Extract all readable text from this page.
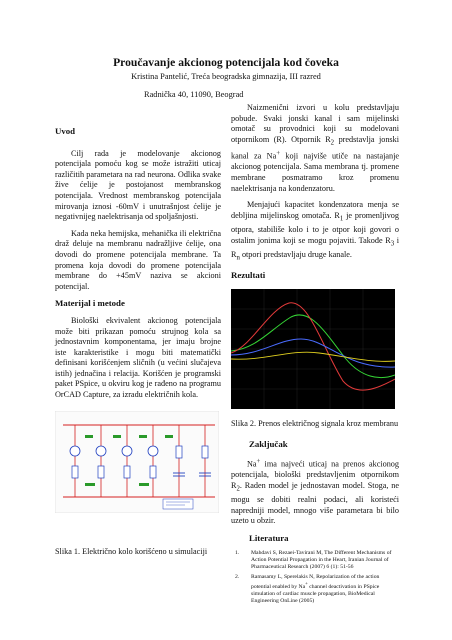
Proučavanje akcionog potencijala kod čoveka
Kristina Pantelić, Treća beogradska gimnazija, III razred
Radnička 40, 11090, Beograd
Uvod

Cilj rada je modelovanje akcionog potencijala pomoću kog se može istražiti uticaj različitih parametara na rad neurona. Odlika svake žive ćelije je postojanost membranskog potencijala. Vrednost membranskog potencijala mirovanja iznosi -60mV i unutrašnjost ćelije je negativnijeg naelektrisanja od spoljašnjosti.

Kada neka hemijska, mehanička ili električna draž deluje na membranu nadražljive ćelije, ona dovodi do promene potencijala membrane. Ta promena koja dovodi do promene potencijala membrane do +45mV naziva se akcioni potencijal.

Materijal i metode

Biološki ekvivalent akcionog potencijala može biti prikazan pomoću strujnog kola sa jednostavnim komponentama, jer imaju brojne iste karakteristike i mogu biti matematički definisani korišćenjem sličnih (u većini slučajeva istih) jednačina i relacija. Korišćen je programski paket PSpice, u okviru kog je rađeno na programu OrCAD Capture, za izradu električnih kola.

Slika 1. Električno kolo korišćeno u simulaciji

Naizmenični izvori u kolu predstavljaju pobude. Svaki jonski kanal i sam mijelinski omotač su provodnici koji su modelovani otpornikom (R). Otpornik $R_2$ predstavlja jonski kanal za Na+ koji najviše utiče na nastajanje akcionog potencijala. Sama membrana tj. promene membrane posmatramo kroz promenu naelektrisanja na kondenzatoru.

Menjajući kapacitet kondenzatora menja se debljina mijelinskog omotača. $R_1$ je promenljivog otpora, stabiliše kolo i to je otpor koji govori o ostalim jonima koji se mogu pojaviti. Takođe $R_3$ i $R_n$ otpori predstavljaju druge kanale.

Rezultati

Slika 2. Prenos električnog signala kroz membranu

Zaključak

Na+ ima najveći uticaj na prenos akcionog potencijala, biološki predstavljenim otpornikom $R_2$. Raden model je jednostavan model. Stoga, ne mogu se dobiti realni podaci, ali koristeći napredniji model, mnogo više parametara bi bilo uzeto u obzir.

Literatura
1. Mahdavi S, Rezaei-Tavirani M, The Different Mechanisms of Action Potential Propagation in the Heart, Iranian Journal of Pharmaceutical Research (2007) 6 (1): 51-56
2. Ramasamy L, Sperelakis N, Repolarization of the action potential enabled by Na+ channel deactivation in PSpice simulation of cardiac muscle propagation, BioMedical Engineering OnLine (2005)
